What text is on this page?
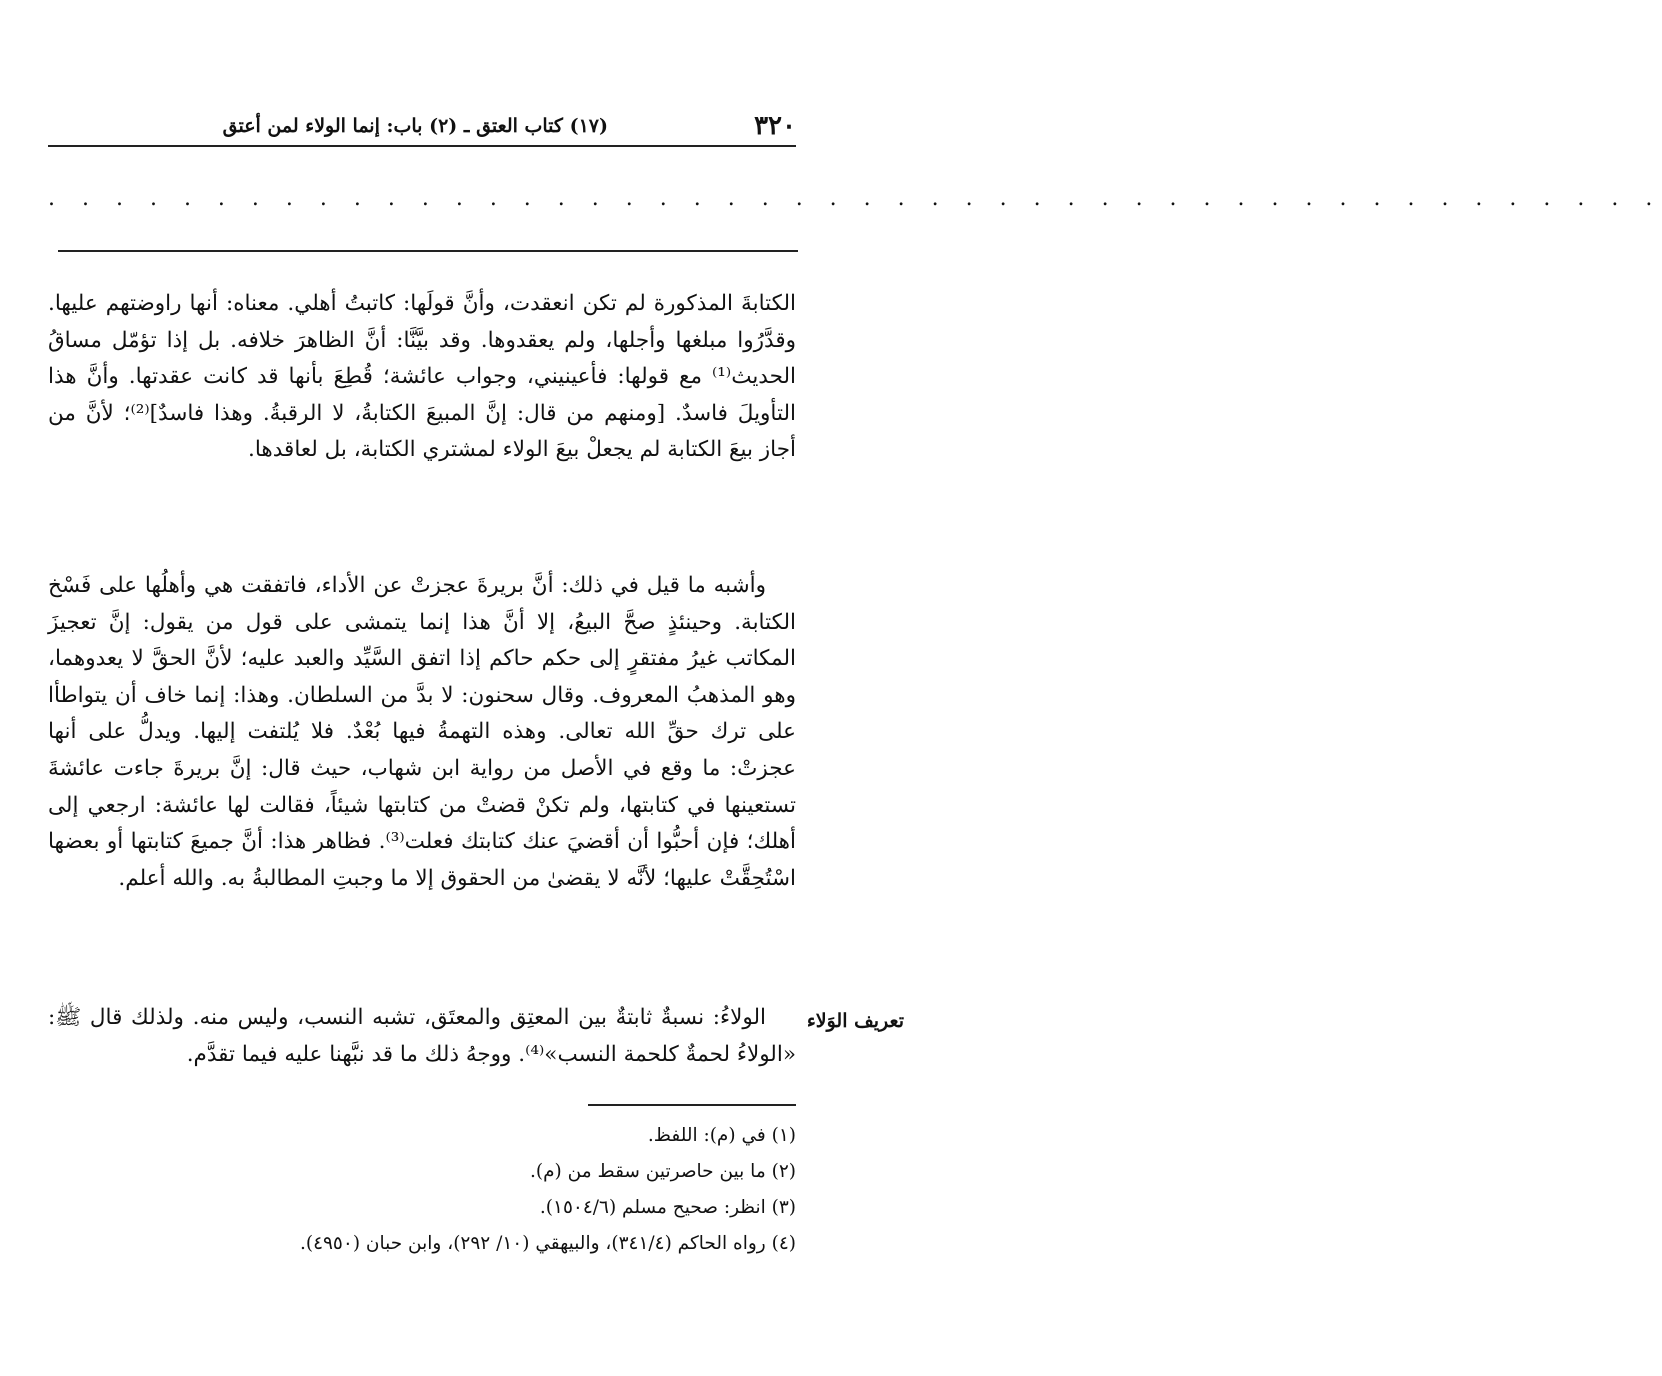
٣٢٠
(١٧) كتاب العتق ـ (٢) باب: إنما الولاء لمن أعتق
. . . . . . . . . . . . . . . . . . . . . . . . . . . . . . . . . . . . . . . . . . . . . . . .

الكتابةَ المذكورة لم تكن انعقدت، وأنَّ قولَها: كاتبتُ أهلي. معناه: أنها راوضتهم عليها. وقدَّرُوا مبلغها وأجلها، ولم يعقدوها. وقد بيَّنَّا: أنَّ الظاهرَ خلافه. بل إذا تؤمّل مساقُ الحديث⁽¹⁾ مع قولها: فأعينيني، وجواب عائشة؛ قُطِعَ بأنها قد كانت عقدتها. وأنَّ هذا التأويلَ فاسدٌ. [ومنهم من قال: إنَّ المبيعَ الكتابةُ، لا الرقبةُ. وهذا فاسدٌ]⁽²⁾؛ لأنَّ من أجاز بيعَ الكتابة لم يجعلْ بيعَ الولاء لمشتري الكتابة، بل لعاقدها.

وأشبه ما قيل في ذلك: أنَّ بريرةَ عجزتْ عن الأداء، فاتفقت هي وأهلُها على فَسْخ الكتابة. وحينئذٍ صحَّ البيعُ، إلا أنَّ هذا إنما يتمشى على قول من يقول: إنَّ تعجيزَ المكاتب غيرُ مفتقرٍ إلى حكم حاكم إذا اتفق السَّيِّد والعبد عليه؛ لأنَّ الحقَّ لا يعدوهما، وهو المذهبُ المعروف. وقال سحنون: لا بدَّ من السلطان. وهذا: إنما خاف أن يتواطأا على ترك حقِّ الله تعالى. وهذه التهمةُ فيها بُعْدٌ. فلا يُلتفت إليها. ويدلُّ على أنها عجزتْ: ما وقع في الأصل من رواية ابن شهاب، حيث قال: إنَّ بريرةَ جاءت عائشةَ تستعينها في كتابتها، ولم تكنْ قضتْ من كتابتها شيئاً، فقالت لها عائشة: ارجعي إلى أهلك؛ فإن أحبُّوا أن أقضيَ عنك كتابتك فعلت⁽³⁾. فظاهر هذا: أنَّ جميعَ كتابتها أو بعضها اسْتُحِقَّتْ عليها؛ لأنَّه لا يقضىٰ من الحقوق إلا ما وجبتِ المطالبةُ به. والله أعلم.

الولاءُ: نسبةٌ ثابتةٌ بين المعتِق والمعتَق، تشبه النسب، وليس منه. ولذلك قال ﷺ: «الولاءُ لحمةٌ كلحمة النسب»⁽⁴⁾. ووجهُ ذلك ما قد نبَّهنا عليه فيما تقدَّم.

تعريف الوَلاء

(١) في (م): اللفظ.

(٢) ما بين حاصرتين سقط من (م).

(٣) انظر: صحيح مسلم (١٥٠٤/٦).

(٤) رواه الحاكم (٣٤١/٤)، والبيهقي (١٠/ ٢٩٢)، وابن حبان (٤٩٥٠).
